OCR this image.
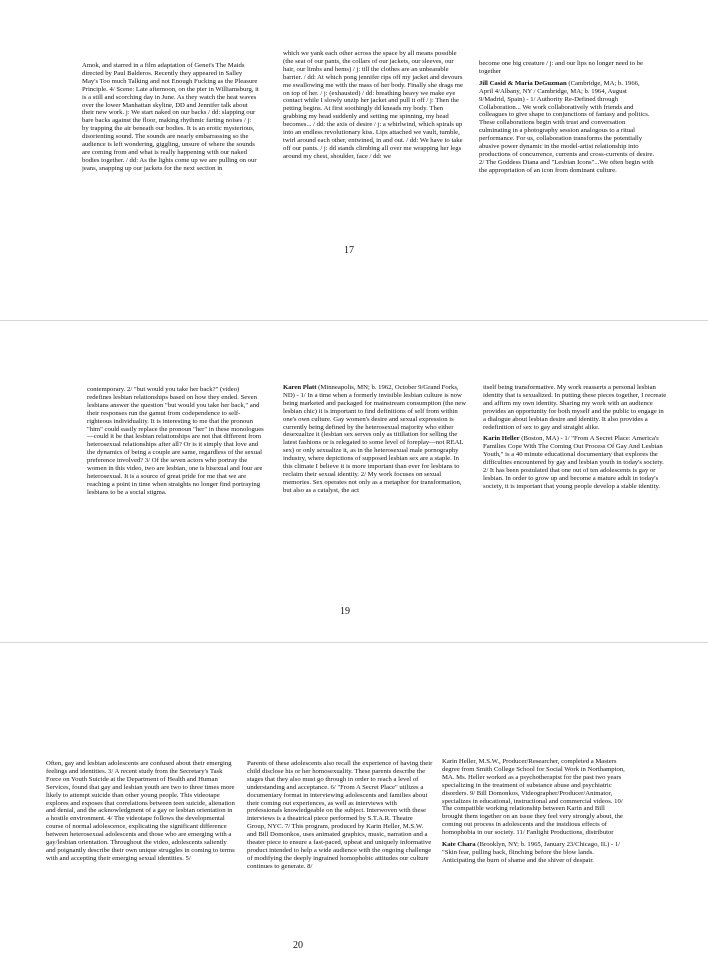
Amok, and starred in a film adaptation of Genet's The Maids directed by Paul Balderos. Recently they appeared in Salley May's Too much Talking and not Enough Fucking as the Pleasure Principle. 4/ Scene: Late afternoon, on the pier in Williamsburg, it is a still and scorching day in June. As they watch the heat waves over the lower Manhattan skyline, DD and Jennifer talk about their new work. j: We start naked on our backs / dd: slapping our bare backs against the floor, making rhythmic farting noises / j: by trapping the air beneath our bodies. It is an erotic mysterious, disorienting sound. The sounds are nearly embarrassing so the audience is left wondering, giggling, unsure of where the sounds are coming from and what is really happening with our naked bodies together. / dd: As the lights come up we are pulling on our jeans, snapping up our jackets for the next section in

which we yank each other across the space by all means possible (the seat of our pants, the collars of our jackets, our sleeves, our hair, our limbs and hems) / j: till the clothes are an unbearable barrier. / dd: At which pong jennifer rips off my jacket and devours me swallowing me with the mass of her body. Finally she drags me on top of her. / j: (exhausted) / dd: breathing heavy we make eye contact while I slowly unzip her jacket and pull it off / j: Then the petting begins. At first soothingly dd kneads my body. Then grabbing my head suddenly and setting me spinning, my head becomes... / dd: the axis of desire / j: a whirlwind, which spirals up into an endless revolutionary kiss. Lips attached we vault, tumble, twirl around each other, entwined, in and out. / dd: We have to take off our pants. / j: dd stands climbing all over me wrapping her legs around my chest, shoulder, face / dd: we

become one big creature / j: and our lips no longer need to be together

Jill Casid & Maria DeGuzman (Cambridge, MA; b. 1966, April 4/Albany, NY / Cambridge, MA; b. 1964, August 9/Madrid, Spain) - 1/ Authority Re-Defined through Collaboration... We work collaboratively with friends and colleagues to give shape to conjunctions of fantasy and politics. These collaborations begin with trust and conversation culminating in a photography session analogous to a ritual performance. For us, collaboration transforms the potentially abusive power dynamic in the model-artist relationship into productions of concurrence, currents and cross-currents of desire. 2/ The Goddess Diana and "Lesbian Icons"...We often begin with the appropriation of an icon from dominant culture.

17

contemporary. 2/ "but would you take her back?" (video) redefines lesbian relationships based on how they ended. Seven lesbians answer the question "but would you take her back," and their responses run the gamut from codependence to self-righteous individuality. It is interesting to me that the pronoun "him" could easily replace the pronoun "her" in these monologues—could it be that lesbian relationships are not that different from heterosexual relationships after all? Or is it simply that love and the dynamics of being a couple are same, regardless of the sexual preference involved? 3/ Of the seven actors who portray the women in this video, two are lesbian, one is bisexual and four are heterosexual. It is a source of great pride for me that we are reaching a point in time when straights no longer find portraying lesbians to be a social stigma.

Karen Platt (Minneapolis, MN; b. 1962, October 9/Grand Forks, ND) - 1/ In a time when a formerly invisible lesbian culture is now being marketed and packaged for mainstream consumption (the new lesbian chic) it is important to find definitions of self from within one's own culture. Gay women's desire and sexual expression is currently being defined by the heterosexual majority who either desexualize it (lesbian sex serves only as titillation for selling the latest fashions or is relegated to some level of foreplay—not REAL sex) or only sexualize it, as in the heterosexual male pornography industry, where depictions of supposed lesbian sex are a staple. In this climate I believe it is more important than ever for lesbians to reclaim their sexual identity. 2/ My work focuses on sexual memories. Sex operates not only as a metaphor for transformation, but also as a catalyst, the act

itself being transformative. My work reasserts a personal lesbian identity that is sexualized. In putting these pieces together, I recreate and affirm my own identity. Sharing my work with an audience provides an opportunity for both myself and the public to engage in a dialogue about lesbian desire and identity. It also provides a redefinition of sex to gay and straight alike.

Karin Heller (Boston, MA) - 1/ "From A Secret Place: America's Families Cope With The Coming Out Process Of Gay And Lesbian Youth," is a 40 minute educational documentary that explores the difficulties encountered by gay and lesbian youth in today's society. 2/ It has been postulated that one out of ten adolescents is gay or lesbian. In order to grow up and become a mature adult in today's society, it is important that young people develop a stable identity.

19

Often, gay and lesbian adolescents are confused about their emerging feelings and identities. 3/ A recent study from the Secretary's Task Force on Youth Suicide at the Department of Health and Human Services, found that gay and lesbian youth are two to three times more likely to attempt suicide than other young people. This videotape explores and exposes that correlations between teen suicide, alienation and denial, and the acknowledgment of a gay or lesbian orientation in a hostile environment. 4/ The videotape follows the developmental course of normal adolescence, explicating the significant difference between heterosexual adolescents and those who are emerging with a gay/lesbian orientation. Throughout the video, adolescents saliently and poignantly describe their own unique struggles in coming to terms with and accepting their emerging sexual identities. 5/

Parents of these adolescents also recall the experience of having their child disclose his or her homosexuality. These parents describe the stages that they also must go through in order to reach a level of understanding and acceptance. 6/ "From A Secret Place" utilizes a documentary format in interviewing adolescents and families about their coming out experiences, as well as interviews with professionals knowledgeable on the subject. Interwoven with these interviews is a theatrical piece performed by S.T.A.R. Theatre Group, NYC. 7/ This program, produced by Karin Heller, M.S.W. and Bill Domonkos, uses animated graphics, music, narration and a theater piece to ensure a fast-paced, upbeat and uniquely informative product intended to help a wide audience with the ongoing challenge of modifying the deeply ingrained homophobic attitudes our culture continues to generate. 8/

Karin Heller, M.S.W., Producer/Researcher, completed a Masters degree from Smith College School for Social Work in Northampton, MA. Ms. Heller worked as a psychotherapist for the past two years specializing in the treatment of substance abuse and psychiatric disorders. 9/ Bill Domonkos, Videographer/Producer/Animator, specializes in educational, instructional and commercial videos. 10/ The compatible working relationship between Karin and Bill brought them together on an issue they feel very strongly about, the coming out process in adolescents and the insidious effects of homophobia in our society. 11/ Fanlight Productions, distributor

Kate Chara (Brooklyn, NY; b. 1965, January 23/Chicago, IL) - 1/ "Skin fear, pulling back, flinching before the blow lands. Anticipating the burn of shame and the shiver of despair.

20
